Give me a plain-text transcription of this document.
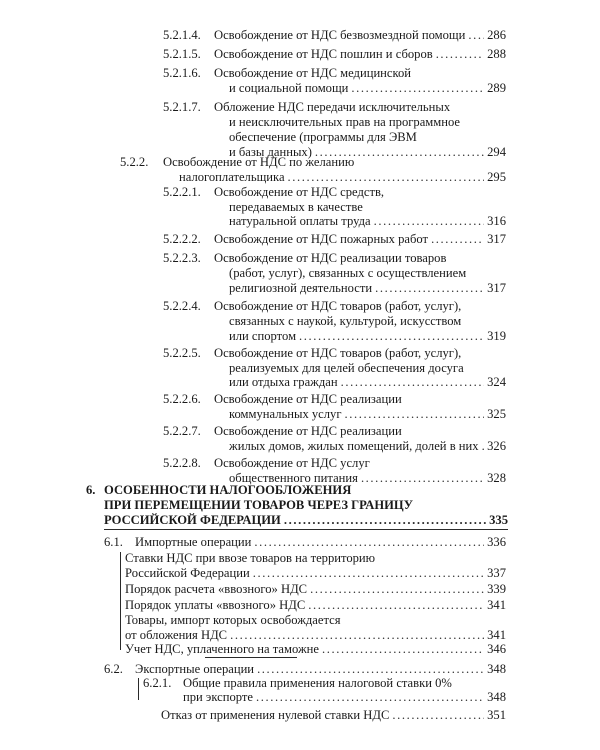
5.2.1.4. Освобождение от НДС безвозмездной помощи ..... 286
5.2.1.5. Освобождение от НДС пошлин и сборов .....	288
5.2.1.6. Освобождение от НДС медицинской
и социальной помощи .....	289
5.2.1.7. Обложение НДС передачи исключительных
и неисключительных прав на программное
обеспечение (программы для ЭВМ
и базы данных) .....	294
5.2.2. Освобождение от НДС по желанию
налогоплательщика .....	295
5.2.2.1. Освобождение от НДС средств,
передаваемых в качестве
натуральной оплаты труда .....	316
5.2.2.2. Освобождение от НДС пожарных работ .....	317
5.2.2.3. Освобождение от НДС реализации товаров
(работ, услуг), связанных с осуществлением
религиозной деятельности .....	317
5.2.2.4. Освобождение от НДС товаров (работ, услуг),
связанных с наукой, культурой, искусством
или спортом .....	319
5.2.2.5. Освобождение от НДС товаров (работ, услуг),
реализуемых для целей обеспечения досуга
или отдыха граждан .....	324
5.2.2.6. Освобождение от НДС реализации
коммунальных услуг .....	325
5.2.2.7. Освобождение от НДС реализации
жилых домов, жилых помещений, долей в них ..... 326
5.2.2.8. Освобождение от НДС услуг
общественного питания .....	328
6. ОСОБЕННОСТИ НАЛОГООБЛОЖЕНИЯ
ПРИ ПЕРЕМЕЩЕНИИ ТОВАРОВ ЧЕРЕЗ ГРАНИЦУ
РОССИЙСКОЙ ФЕДЕРАЦИИ .....	335
6.1. Импортные операции .....	336
Ставки НДС при ввозе товаров на территорию
Российской Федерации .....	337
Порядок расчета «ввозного» НДС .....	339
Порядок уплаты «ввозного» НДС .....	341
Товары, импорт которых освобождается
от обложения НДС .....	341
Учет НДС, уплаченного на таможне .....	346
6.2. Экспортные операции .....	348
6.2.1. Общие правила применения налоговой ставки 0%
при экспорте .....	348
Отказ от применения нулевой ставки НДС .....	351
